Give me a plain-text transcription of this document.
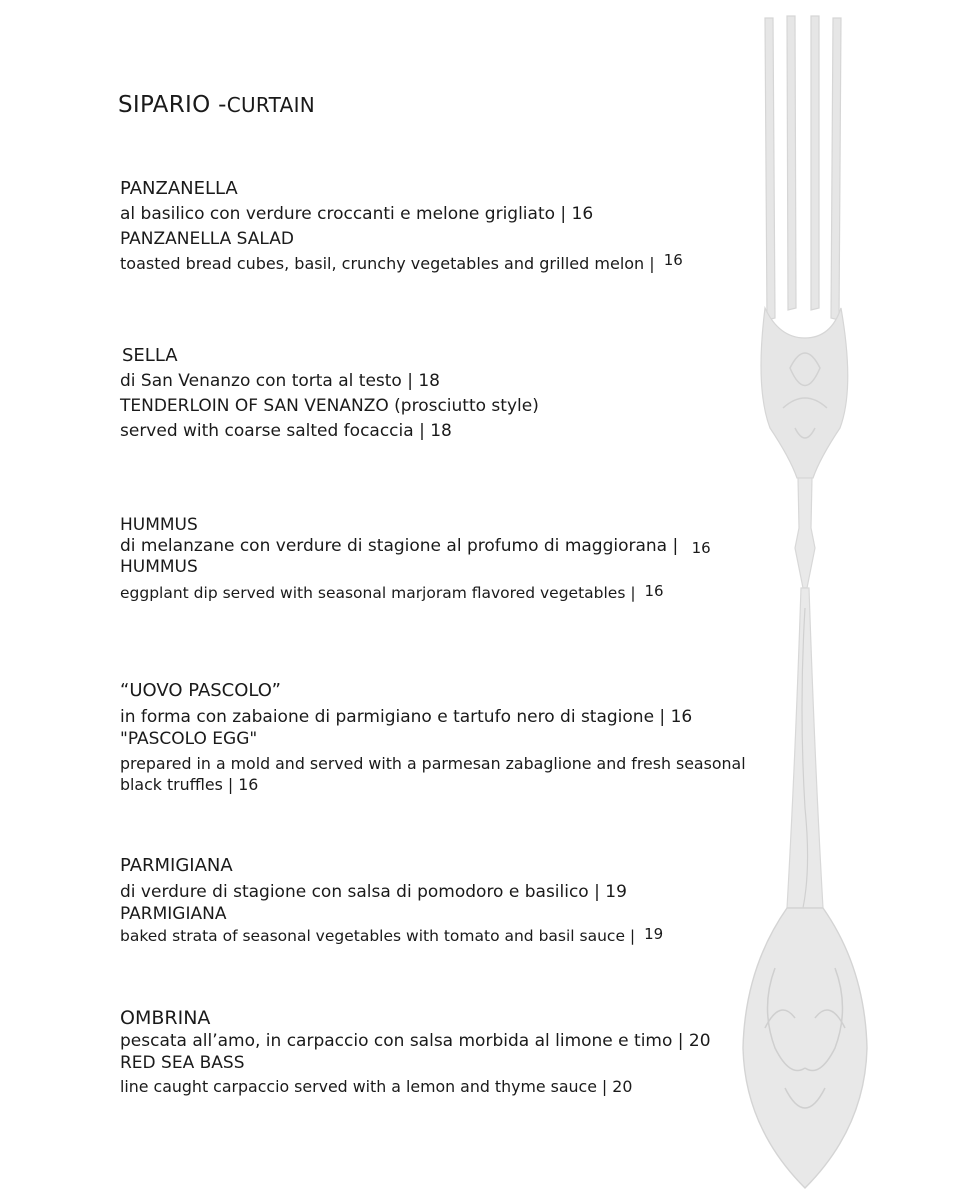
SIPARIO -CURTAIN
PANZANELLA
al basilico con verdure croccanti e melone grigliato | 16
PANZANELLA SALAD
toasted bread cubes, basil, crunchy vegetables and grilled melon | 16
SELLA
di San Venanzo con torta al testo | 18
TENDERLOIN OF SAN VENANZO (prosciutto style)
served with coarse salted focaccia | 18
HUMMUS
di melanzane con verdure di stagione al profumo di maggiorana | 16
HUMMUS
eggplant dip served with seasonal marjoram flavored vegetables | 16
“UOVO PASCOLO”
in forma con zabaione di parmigiano e tartufo nero di stagione | 16
"PASCOLO EGG"
prepared in a mold and served with a parmesan zabaglione and fresh seasonal black truffles | 16
PARMIGIANA
di verdure di stagione con salsa di pomodoro e basilico | 19
PARMIGIANA
baked strata of seasonal vegetables with tomato and basil sauce | 19
OMBRINA
pescata all’amo, in carpaccio con salsa morbida al limone e timo | 20
RED SEA BASS
line caught carpaccio served with a lemon and thyme sauce | 20
